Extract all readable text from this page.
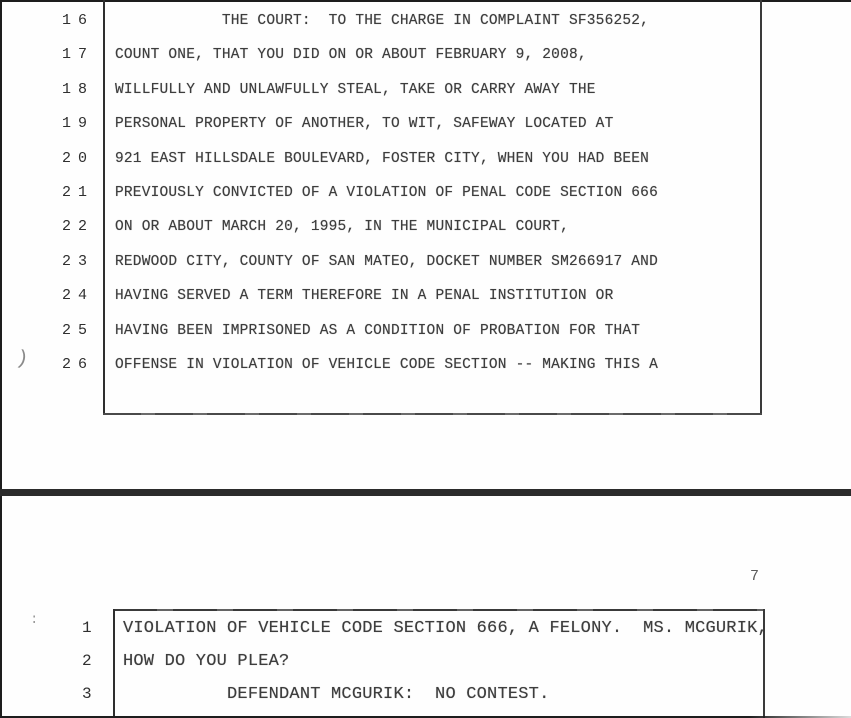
)
16 THE COURT:  TO THE CHARGE IN COMPLAINT SF356252,
17 COUNT ONE, THAT YOU DID ON OR ABOUT FEBRUARY 9, 2008,
18 WILLFULLY AND UNLAWFULLY STEAL, TAKE OR CARRY AWAY THE
19 PERSONAL PROPERTY OF ANOTHER, TO WIT, SAFEWAY LOCATED AT
20 921 EAST HILLSDALE BOULEVARD, FOSTER CITY, WHEN YOU HAD BEEN
21 PREVIOUSLY CONVICTED OF A VIOLATION OF PENAL CODE SECTION 666
22 ON OR ABOUT MARCH 20, 1995, IN THE MUNICIPAL COURT,
23 REDWOOD CITY, COUNTY OF SAN MATEO, DOCKET NUMBER SM266917 AND
24 HAVING SERVED A TERM THEREFORE IN A PENAL INSTITUTION OR
25 HAVING BEEN IMPRISONED AS A CONDITION OF PROBATION FOR THAT
26 OFFENSE IN VIOLATION OF VEHICLE CODE SECTION -- MAKING THIS A
7
:	1 VIOLATION OF VEHICLE CODE SECTION 666, A FELONY.  MS. MCGURIK,
2 HOW DO YOU PLEA?
3 DEFENDANT MCGURIK:  NO CONTEST.
